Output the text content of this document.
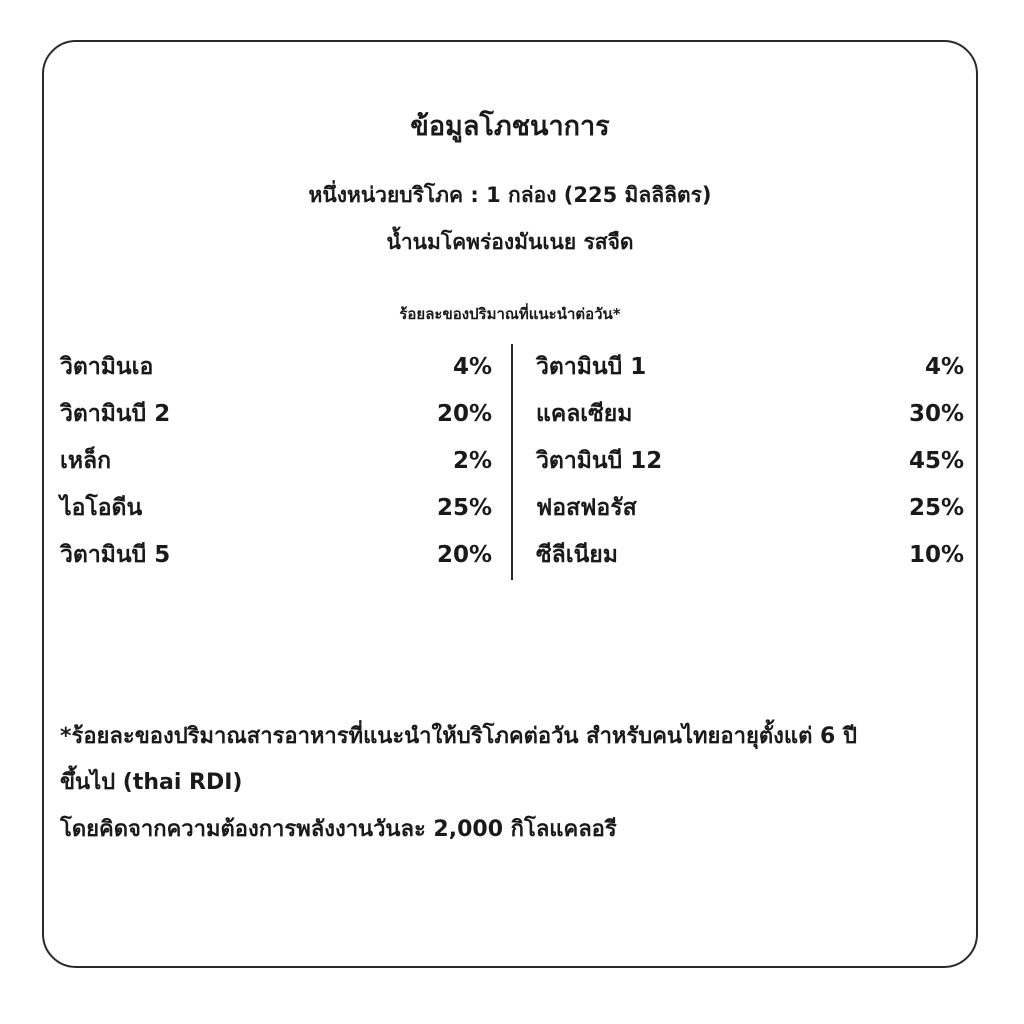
ข้อมูลโภชนาการ
หนึ่งหน่วยบริโภค : 1 กล่อง (225 มิลลิลิตร)
น้ำนมโคพร่องมันเนย รสจืด
ร้อยละของปริมาณที่แนะนำต่อวัน*
วิตามินเอ	4%
วิตามินบี 2	20%
เหล็ก	2%
ไอโอดีน	25%
วิตามินบี 5	20%
วิตามินบี 1	4%
แคลเซียม	30%
วิตามินบี 12	45%
ฟอสฟอรัส	25%
ซีลีเนียม	10%
*ร้อยละของปริมาณสารอาหารที่แนะนำให้บริโภคต่อวัน สำหรับคนไทยอายุตั้งแต่ 6 ปี
ขึ้นไป (thai RDI)
โดยคิดจากความต้องการพลังงานวันละ 2,000 กิโลแคลอรี
